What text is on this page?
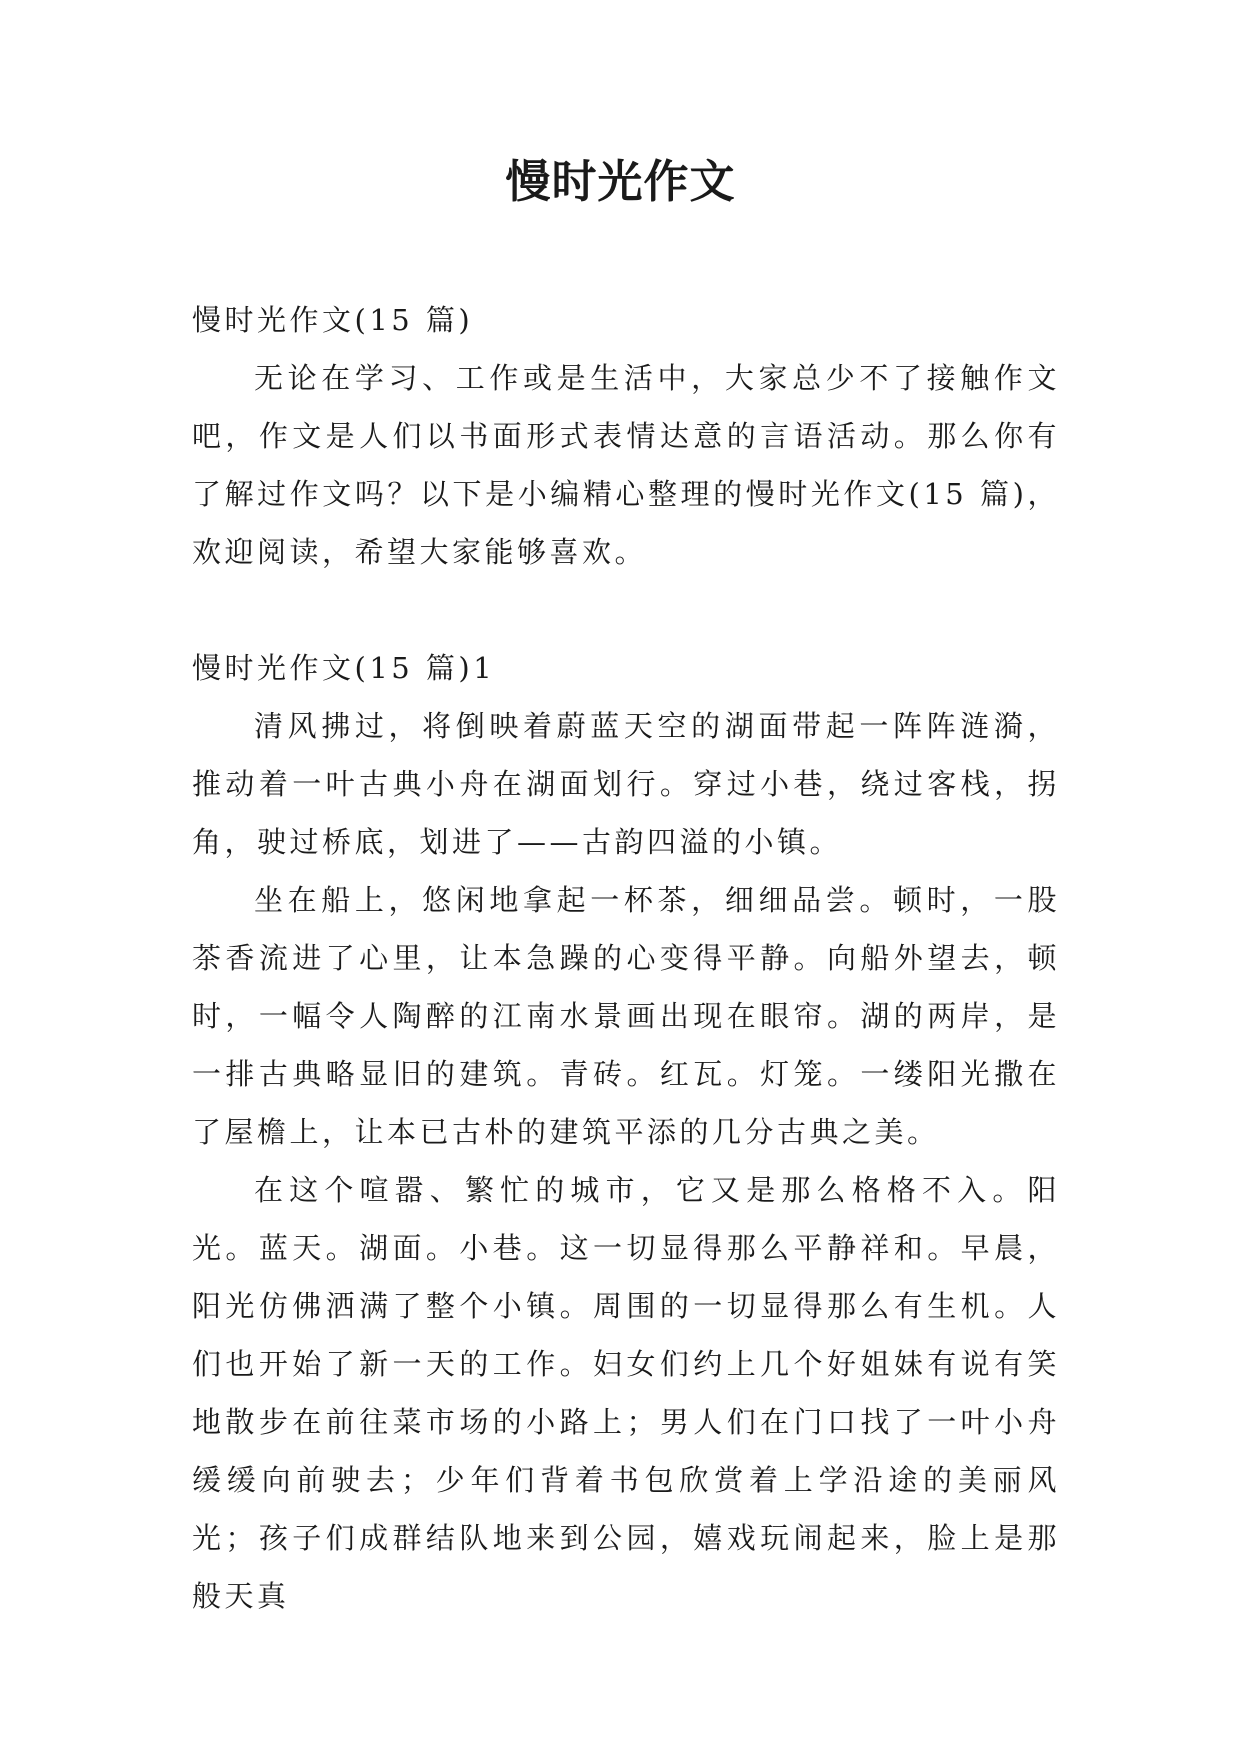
慢时光作文

慢时光作文(15 篇)

无论在学习、工作或是生活中，大家总少不了接触作文吧，作文是人们以书面形式表情达意的言语活动。那么你有了解过作文吗？以下是小编精心整理的慢时光作文(15 篇)，欢迎阅读，希望大家能够喜欢。

慢时光作文(15 篇)1

清风拂过，将倒映着蔚蓝天空的湖面带起一阵阵涟漪，推动着一叶古典小舟在湖面划行。穿过小巷，绕过客栈，拐角，驶过桥底，划进了——古韵四溢的小镇。

坐在船上，悠闲地拿起一杯茶，细细品尝。顿时，一股茶香流进了心里，让本急躁的心变得平静。向船外望去，顿时，一幅令人陶醉的江南水景画出现在眼帘。湖的两岸，是一排古典略显旧的建筑。青砖。红瓦。灯笼。一缕阳光撒在了屋檐上，让本已古朴的建筑平添的几分古典之美。

在这个喧嚣、繁忙的城市，它又是那么格格不入。阳光。蓝天。湖面。小巷。这一切显得那么平静祥和。早晨，阳光仿佛洒满了整个小镇。周围的一切显得那么有生机。人们也开始了新一天的工作。妇女们约上几个好姐妹有说有笑地散步在前往菜市场的小路上；男人们在门口找了一叶小舟缓缓向前驶去；少年们背着书包欣赏着上学沿途的美丽风光；孩子们成群结队地来到公园，嬉戏玩闹起来，脸上是那般天真
